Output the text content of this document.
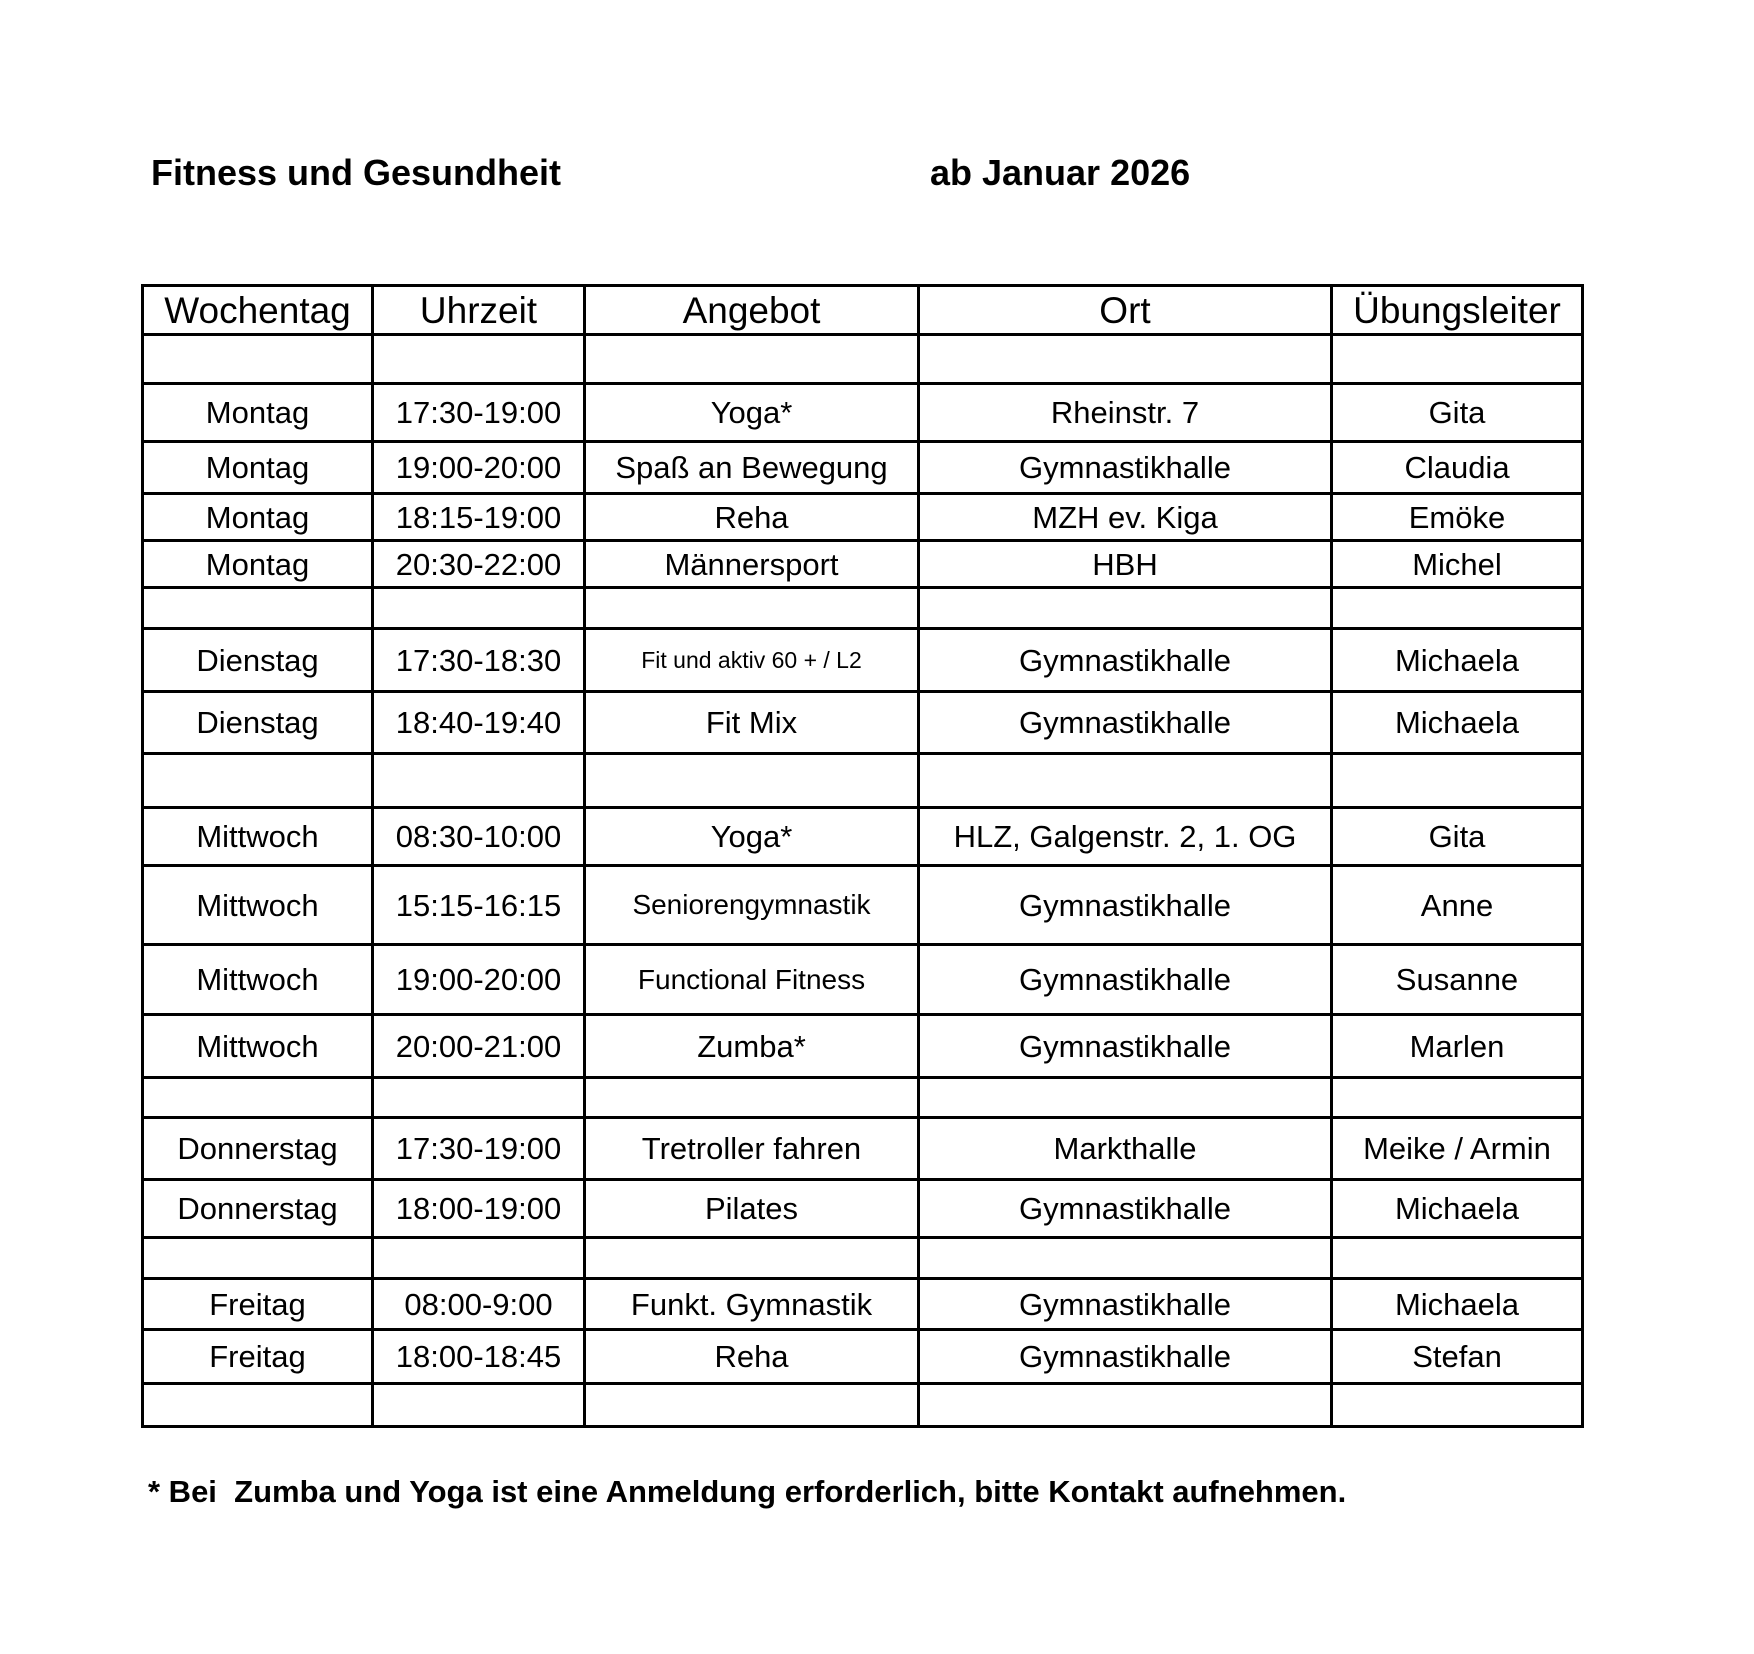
Fitness und Gesundheit	ab Januar 2026
Wochentag	Uhrzeit	Angebot	Ort	Übungsleiter

Montag	17:30-19:00	Yoga*	Rheinstr. 7	Gita
Montag	19:00-20:00	Spaß an Bewegung	Gymnastikhalle	Claudia
Montag	18:15-19:00	Reha	MZH ev. Kiga	Emöke
Montag	20:30-22:00	Männersport	HBH	Michel

Dienstag	17:30-18:30	Fit und aktiv 60 + / L2	Gymnastikhalle	Michaela
Dienstag	18:40-19:40	Fit Mix	Gymnastikhalle	Michaela

Mittwoch	08:30-10:00	Yoga*	HLZ, Galgenstr. 2, 1. OG	Gita
Mittwoch	15:15-16:15	Seniorengymnastik	Gymnastikhalle	Anne
Mittwoch	19:00-20:00	Functional Fitness	Gymnastikhalle	Susanne
Mittwoch	20:00-21:00	Zumba*	Gymnastikhalle	Marlen

Donnerstag	17:30-19:00	Tretroller fahren	Markthalle	Meike / Armin
Donnerstag	18:00-19:00	Pilates	Gymnastikhalle	Michaela

Freitag	08:00-9:00	Funkt. Gymnastik	Gymnastikhalle	Michaela
Freitag	18:00-18:45	Reha	Gymnastikhalle	Stefan

* Bei  Zumba und Yoga ist eine Anmeldung erforderlich, bitte Kontakt aufnehmen.
